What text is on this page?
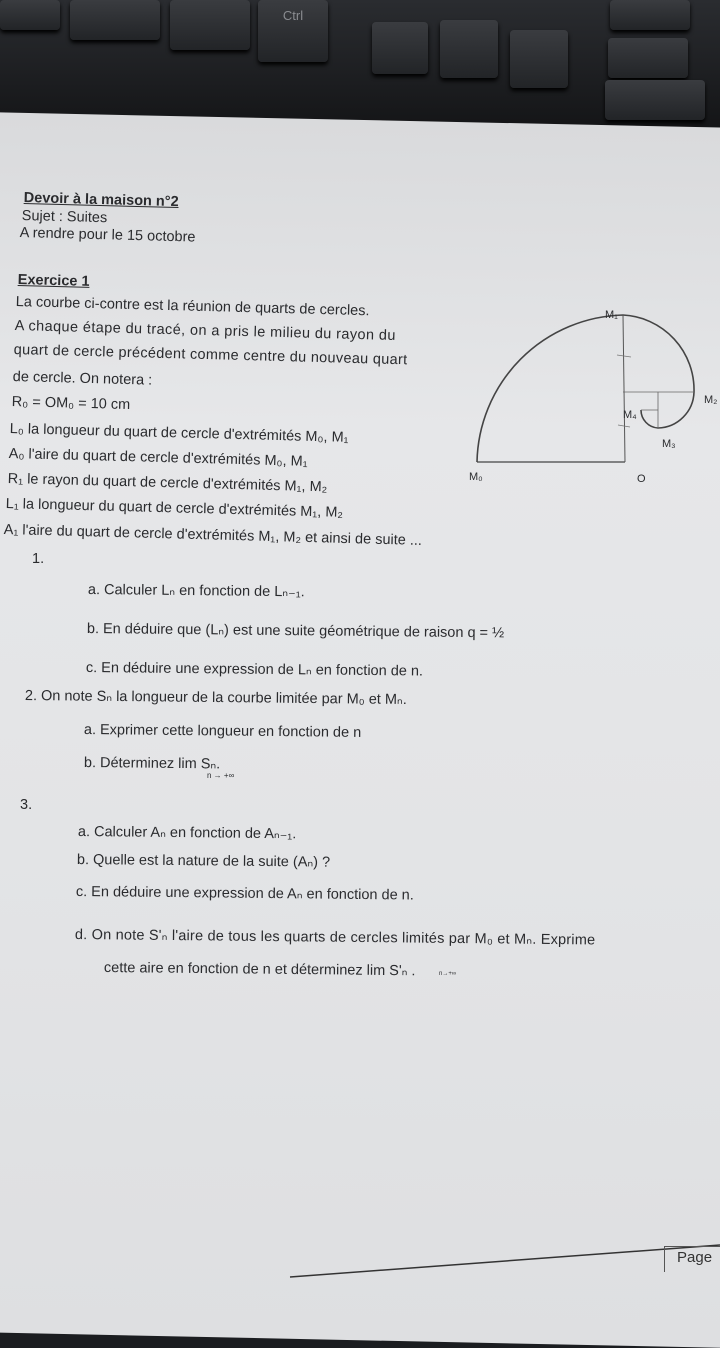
Ctrl
Devoir à la maison n°2
Sujet : Suites
A rendre pour le 15 octobre
Exercice 1
La courbe ci-contre est la réunion de quarts de cercles.
A chaque étape du tracé, on a pris le milieu du rayon du
quart de cercle précédent comme centre du nouveau quart
de cercle. On notera :
R₀ = OM₀ = 10 cm
L₀ la longueur du quart de cercle d'extrémités M₀, M₁
A₀ l'aire du quart de cercle d'extrémités M₀, M₁
R₁ le rayon du quart de cercle d'extrémités M₁, M₂
L₁ la longueur du quart de cercle d'extrémités M₁, M₂
A₁ l'aire du quart de cercle d'extrémités M₁, M₂ et ainsi de suite ...
M₁
M₂
M₄
M₃
M₀	O
1.
a. Calculer Lₙ en fonction de Lₙ₋₁.
b. En déduire que (Lₙ) est une suite géométrique de raison q = ½
c. En déduire une expression de Lₙ en fonction de n.
2. On note Sₙ la longueur de la courbe limitée par M₀ et Mₙ.
a. Exprimer cette longueur en fonction de n
b. Déterminez lim Sₙ.
n → +∞
3.
a. Calculer Aₙ en fonction de Aₙ₋₁.
b. Quelle est la nature de la suite (Aₙ) ?
c. En déduire une expression de Aₙ en fonction de n.
d. On note S'ₙ l'aire de tous les quarts de cercles limités par M₀ et Mₙ. Exprime
cette aire en fonction de n et déterminez lim S'ₙ .	n→+∞
Page
